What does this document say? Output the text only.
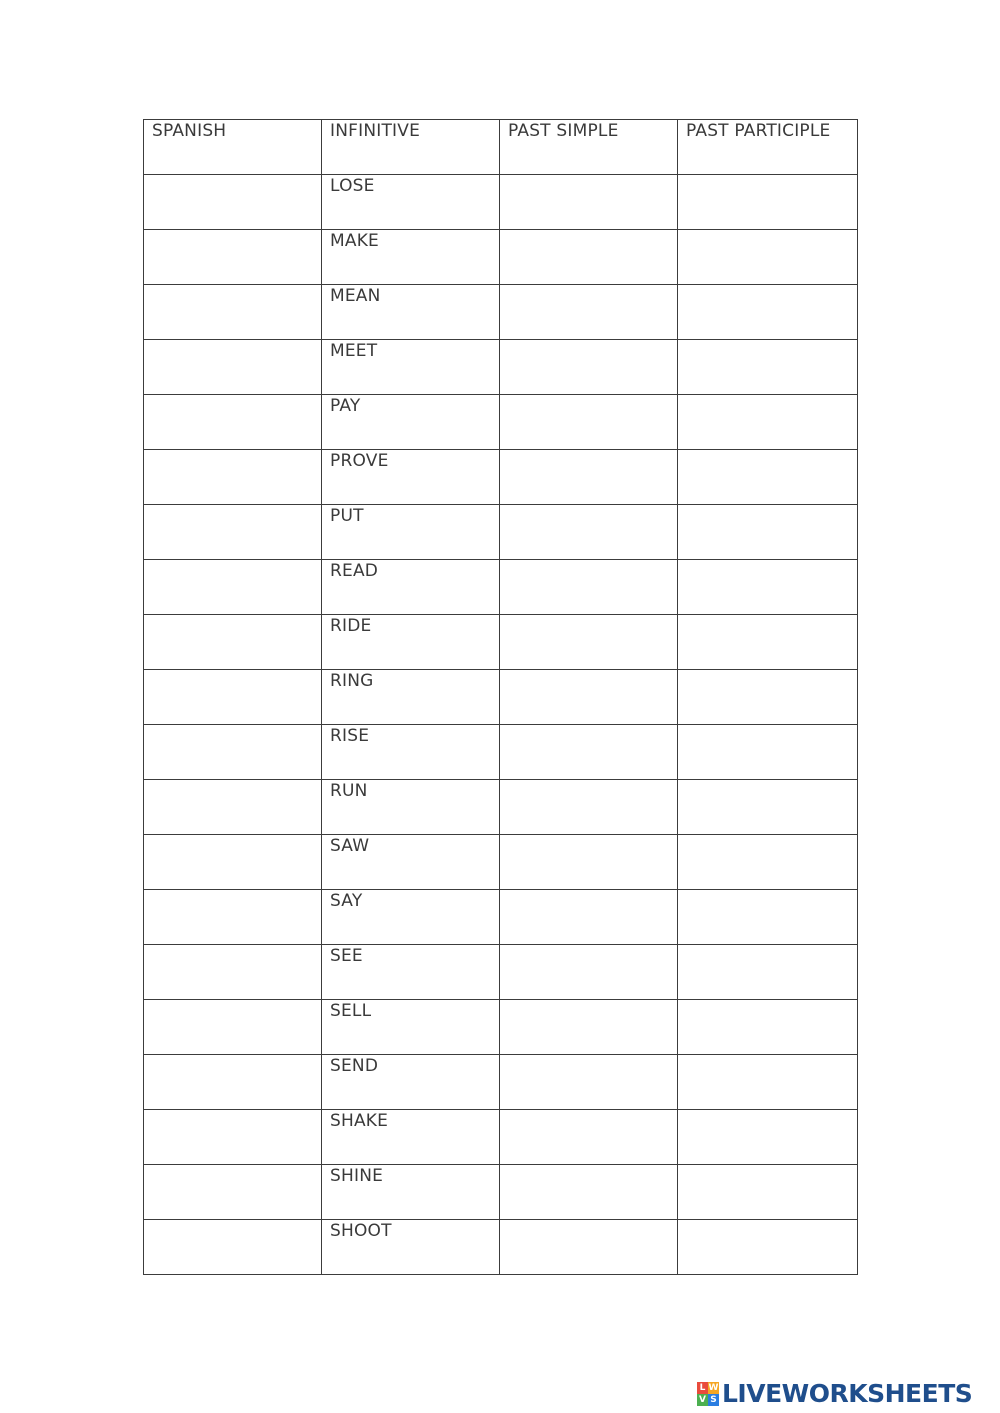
SPANISH	INFINITIVE	PAST SIMPLE	PAST PARTICIPLE

	LOSE		

	MAKE		

	MEAN		

	MEET		

	PAY		

	PROVE		

	PUT		

	READ		

	RIDE		

	RING		

	RISE		

	RUN		

	SAW		

	SAY		

	SEE		

	SELL		

	SEND		

	SHAKE		

	SHINE		

	SHOOT		

L W
V S LIVEWORKSHEETS
